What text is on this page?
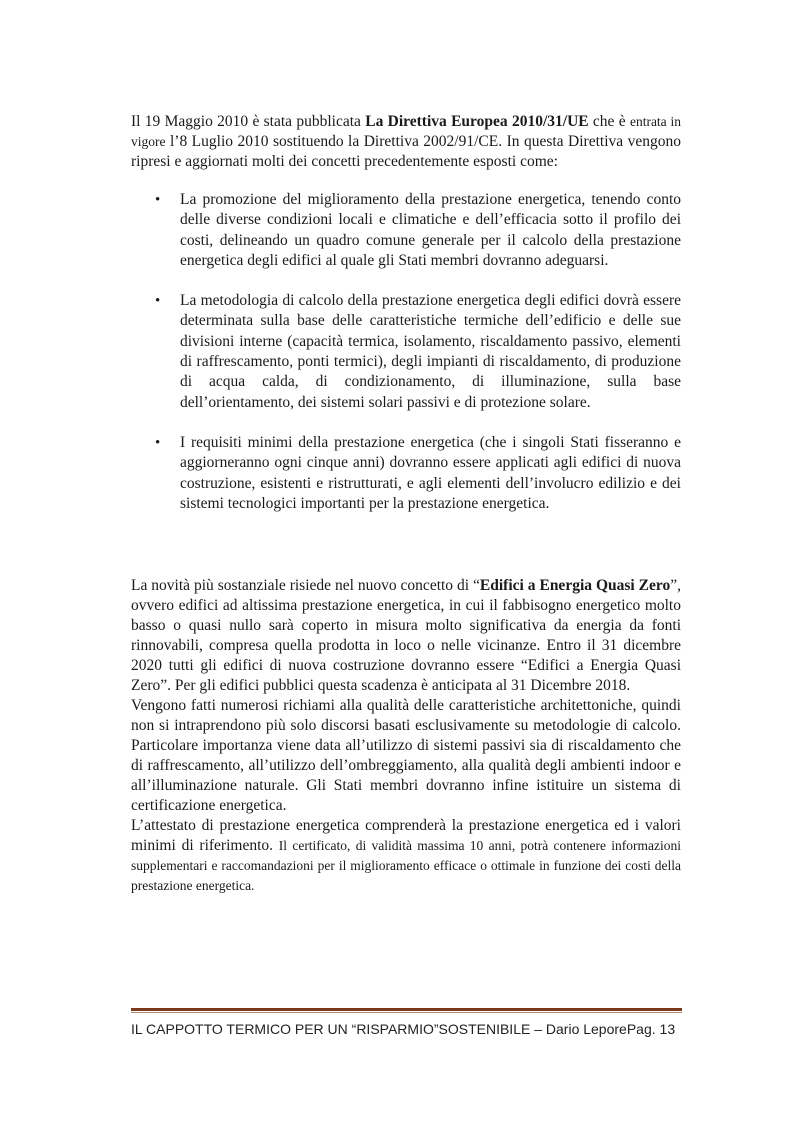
Il 19 Maggio 2010 è stata pubblicata La Direttiva Europea 2010/31/UE che è entrata in vigore l’8 Luglio 2010 sostituendo la Direttiva 2002/91/CE. In questa Direttiva vengono ripresi e aggiornati molti dei concetti precedentemente esposti come:

• La promozione del miglioramento della prestazione energetica, tenendo conto delle diverse condizioni locali e climatiche e dell’efficacia sotto il profilo dei costi, delineando un quadro comune generale per il calcolo della prestazione energetica degli edifici al quale gli Stati membri dovranno adeguarsi.
• La metodologia di calcolo della prestazione energetica degli edifici dovrà essere determinata sulla base delle caratteristiche termiche dell’edificio e delle sue divisioni interne (capacità termica, isolamento, riscaldamento passivo, elementi di raffrescamento, ponti termici), degli impianti di riscaldamento, di produzione di acqua calda, di condizionamento, di illuminazione, sulla base dell’orientamento, dei sistemi solari passivi e di protezione solare.
• I requisiti minimi della prestazione energetica (che i singoli Stati fisseranno e aggiorneranno ogni cinque anni) dovranno essere applicati agli edifici di nuova costruzione, esistenti e ristrutturati, e agli elementi dell’involucro edilizio e dei sistemi tecnologici importanti per la prestazione energetica.

La novità più sostanziale risiede nel nuovo concetto di “Edifici a Energia Quasi Zero”, ovvero edifici ad altissima prestazione energetica, in cui il fabbisogno energetico molto basso o quasi nullo sarà coperto in misura molto significativa da energia da fonti rinnovabili, compresa quella prodotta in loco o nelle vicinanze. Entro il 31 dicembre 2020 tutti gli edifici di nuova costruzione dovranno essere “Edifici a Energia Quasi Zero”. Per gli edifici pubblici questa scadenza è anticipata al 31 Dicembre 2018.

Vengono fatti numerosi richiami alla qualità delle caratteristiche architettoniche, quindi non si intraprendono più solo discorsi basati esclusivamente su metodologie di calcolo. Particolare importanza viene data all’utilizzo di sistemi passivi sia di riscaldamento che di raffrescamento, all’utilizzo dell’ombreggiamento, alla qualità degli ambienti indoor e all’illuminazione naturale. Gli Stati membri dovranno infine istituire un sistema di certificazione energetica.

L’attestato di prestazione energetica comprenderà la prestazione energetica ed i valori minimi di riferimento. Il certificato, di validità massima 10 anni, potrà contenere informazioni supplementari e raccomandazioni per il miglioramento efficace o ottimale in funzione dei costi della prestazione energetica.

IL CAPPOTTO TERMICO PER UN “RISPARMIO”SOSTENIBILE – Dario LeporePag. 13
